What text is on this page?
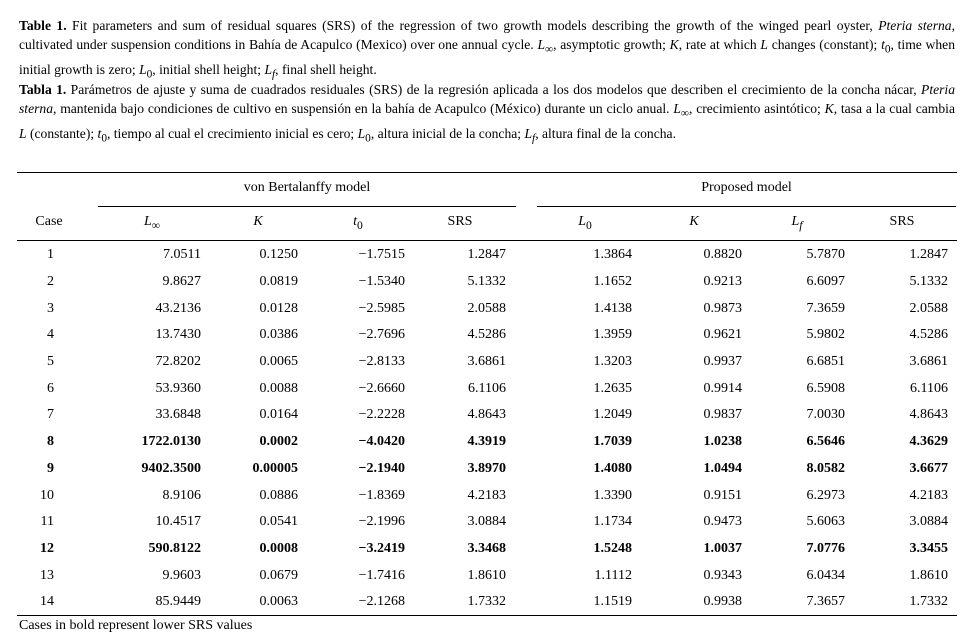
Table 1. Fit parameters and sum of residual squares (SRS) of the regression of two growth models describing the growth of the winged pearl oyster, Pteria sterna, cultivated under suspension conditions in Bahía de Acapulco (Mexico) over one annual cycle. $L_\infty$, asymptotic growth; K, rate at which L changes (constant); $t_0$, time when initial growth is zero; $L_0$, initial shell height; $L_f$, final shell height.
Tabla 1. Parámetros de ajuste y suma de cuadrados residuales (SRS) de la regresión aplicada a los dos modelos que describen el crecimiento de la concha nácar, Pteria sterna, mantenida bajo condiciones de cultivo en suspensión en la bahía de Acapulco (México) durante un ciclo anual. $L_\infty$, crecimiento asintótico; K, tasa a la cual cambia L (constante); $t_0$, tiempo al cual el crecimiento inicial es cero; $L_0$, altura inicial de la concha; $L_f$, altura final de la concha.
von Bertalanffy model	Proposed model
Case	$L_\infty$	K	$t_0$	SRS	$L_0$	K	$L_f$	SRS
1	7.0511	0.1250	−1.7515	1.2847	1.3864	0.8820	5.7870	1.2847
2	9.8627	0.0819	−1.5340	5.1332	1.1652	0.9213	6.6097	5.1332
3	43.2136	0.0128	−2.5985	2.0588	1.4138	0.9873	7.3659	2.0588
4	13.7430	0.0386	−2.7696	4.5286	1.3959	0.9621	5.9802	4.5286
5	72.8202	0.0065	−2.8133	3.6861	1.3203	0.9937	6.6851	3.6861
6	53.9360	0.0088	−2.6660	6.1106	1.2635	0.9914	6.5908	6.1106
7	33.6848	0.0164	−2.2228	4.8643	1.2049	0.9837	7.0030	4.8643
8	1722.0130	0.0002	−4.0420	4.3919	1.7039	1.0238	6.5646	4.3629
9	9402.3500	0.00005	−2.1940	3.8970	1.4080	1.0494	8.0582	3.6677
10	8.9106	0.0886	−1.8369	4.2183	1.3390	0.9151	6.2973	4.2183
11	10.4517	0.0541	−2.1996	3.0884	1.1734	0.9473	5.6063	3.0884
12	590.8122	0.0008	−3.2419	3.3468	1.5248	1.0037	7.0776	3.3455
13	9.9603	0.0679	−1.7416	1.8610	1.1112	0.9343	6.0434	1.8610
14	85.9449	0.0063	−2.1268	1.7332	1.1519	0.9938	7.3657	1.7332
Cases in bold represent lower SRS values
